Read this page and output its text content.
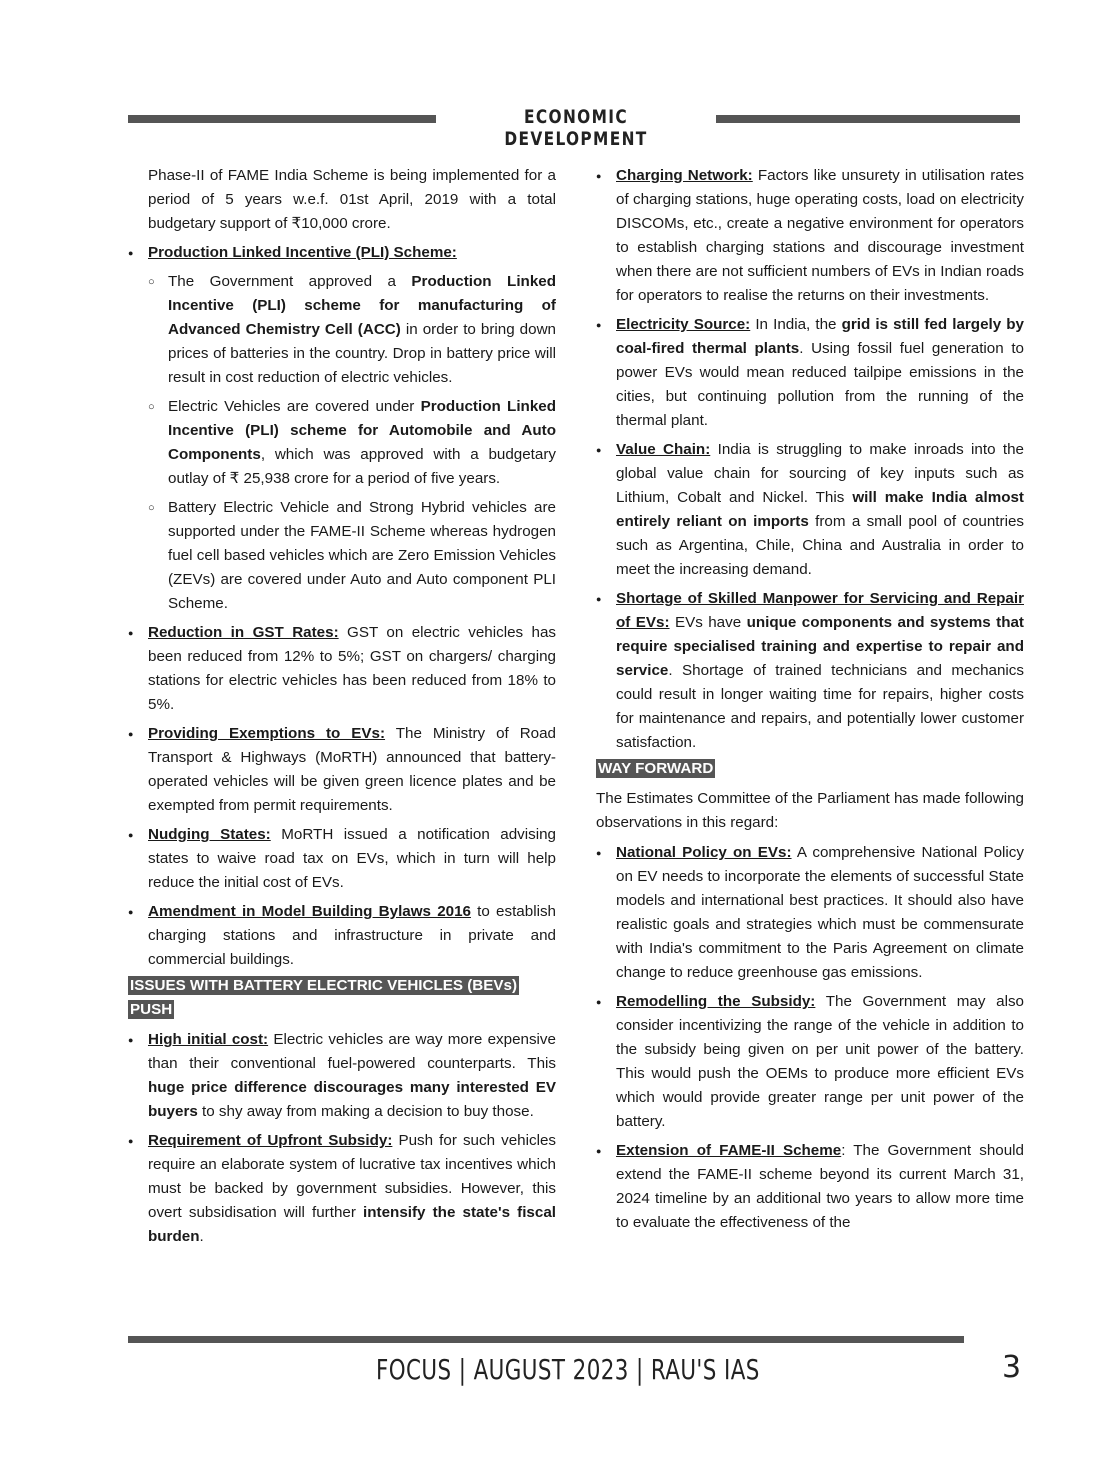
ECONOMIC DEVELOPMENT

Phase-II of FAME India Scheme is being implemented for a period of 5 years w.e.f. 01st April, 2019 with a total budgetary support of ₹10,000 crore.

● Production Linked Incentive (PLI) Scheme:
○ The Government approved a Production Linked Incentive (PLI) scheme for manufacturing of Advanced Chemistry Cell (ACC) in order to bring down prices of batteries in the country. Drop in battery price will result in cost reduction of electric vehicles.
○ Electric Vehicles are covered under Production Linked Incentive (PLI) scheme for Automobile and Auto Components, which was approved with a budgetary outlay of ₹ 25,938 crore for a period of five years.
○ Battery Electric Vehicle and Strong Hybrid vehicles are supported under the FAME-II Scheme whereas hydrogen fuel cell based vehicles which are Zero Emission Vehicles (ZEVs) are covered under Auto and Auto component PLI Scheme.
● Reduction in GST Rates: GST on electric vehicles has been reduced from 12% to 5%; GST on chargers/ charging stations for electric vehicles has been reduced from 18% to 5%.
● Providing Exemptions to EVs: The Ministry of Road Transport & Highways (MoRTH) announced that battery-operated vehicles will be given green licence plates and be exempted from permit requirements.
● Nudging States: MoRTH issued a notification advising states to waive road tax on EVs, which in turn will help reduce the initial cost of EVs.
● Amendment in Model Building Bylaws 2016 to establish charging stations and infrastructure in private and commercial buildings.
ISSUES WITH BATTERY ELECTRIC VEHICLES (BEVs)
PUSH
● High initial cost: Electric vehicles are way more expensive than their conventional fuel-powered counterparts. This huge price difference discourages many interested EV buyers to shy away from making a decision to buy those.
● Requirement of Upfront Subsidy: Push for such vehicles require an elaborate system of lucrative tax incentives which must be backed by government subsidies. However, this overt subsidisation will further intensify the state's fiscal burden.
● Charging Network: Factors like unsurety in utilisation rates of charging stations, huge operating costs, load on electricity DISCOMs, etc., create a negative environment for operators to establish charging stations and discourage investment when there are not sufficient numbers of EVs in Indian roads for operators to realise the returns on their investments.
● Electricity Source: In India, the grid is still fed largely by coal-fired thermal plants. Using fossil fuel generation to power EVs would mean reduced tailpipe emissions in the cities, but continuing pollution from the running of the thermal plant.
● Value Chain: India is struggling to make inroads into the global value chain for sourcing of key inputs such as Lithium, Cobalt and Nickel. This will make India almost entirely reliant on imports from a small pool of countries such as Argentina, Chile, China and Australia in order to meet the increasing demand.
● Shortage of Skilled Manpower for Servicing and Repair of EVs: EVs have unique components and systems that require specialised training and expertise to repair and service. Shortage of trained technicians and mechanics could result in longer waiting time for repairs, higher costs for maintenance and repairs, and potentially lower customer satisfaction.
WAY FORWARD

The Estimates Committee of the Parliament has made following observations in this regard:

● National Policy on EVs: A comprehensive National Policy on EV needs to incorporate the elements of successful State models and international best practices. It should also have realistic goals and strategies which must be commensurate with India's commitment to the Paris Agreement on climate change to reduce greenhouse gas emissions.
● Remodelling the Subsidy: The Government may also consider incentivizing the range of the vehicle in addition to the subsidy being given on per unit power of the battery. This would push the OEMs to produce more efficient EVs which would provide greater range per unit power of the battery.
● Extension of FAME-II Scheme: The Government should extend the FAME-II scheme beyond its current March 31, 2024 timeline by an additional two years to allow more time to evaluate the effectiveness of the
FOCUS | AUGUST 2023 | RAU'S IAS	3
